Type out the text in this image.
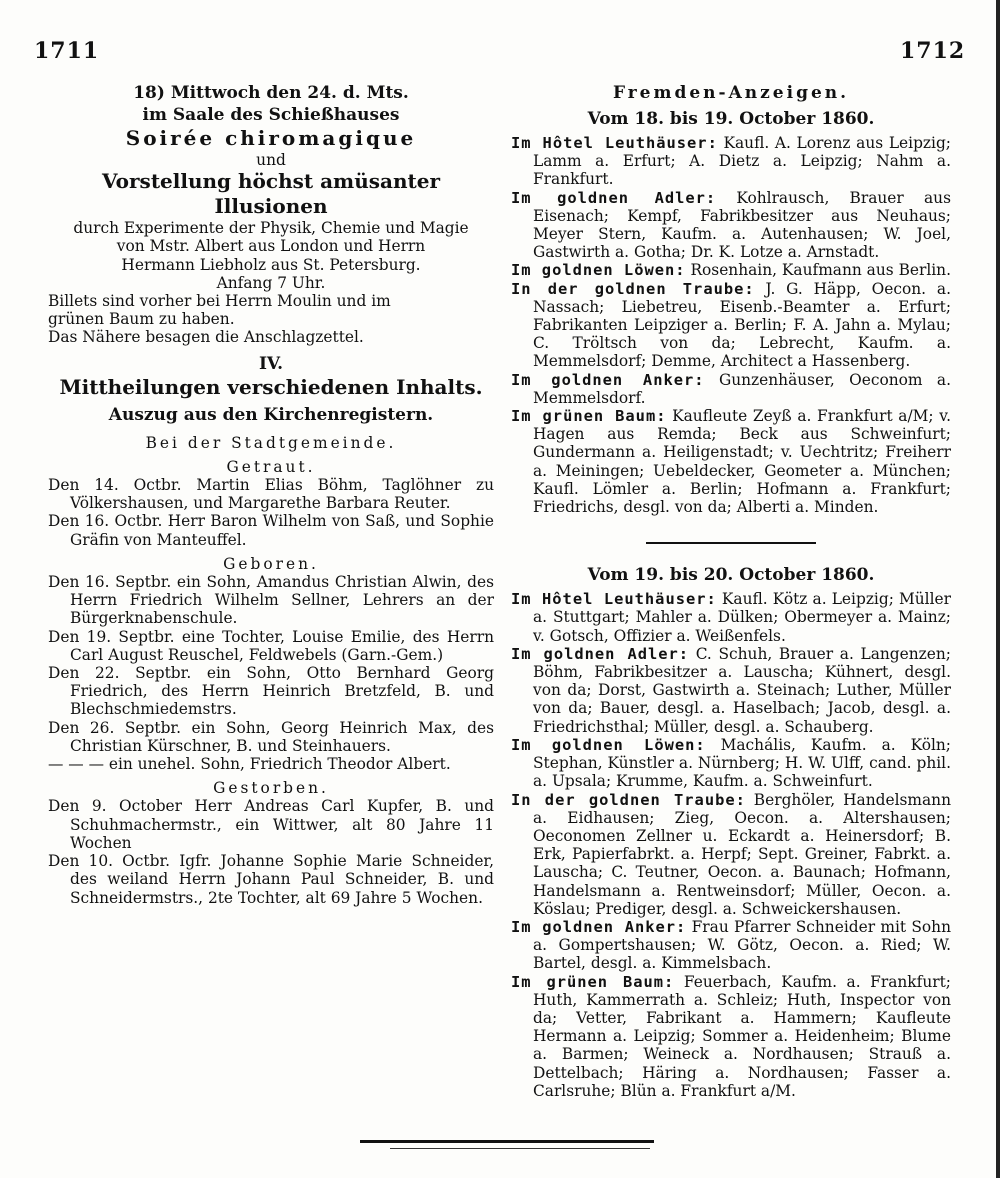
1711	1712
18) Mittwoch den 24. d. Mts.
im Saale des Schießhauses
Soirée chiromagique
und
Vorstellung höchst amüsanter Illusionen
durch Experimente der Physik, Chemie und Magie
von Mstr. Albert aus London und Herrn
Hermann Liebholz aus St. Petersburg.
Anfang 7 Uhr.
Billets sind vorher bei Herrn Moulin und im
grünen Baum zu haben.
Das Nähere besagen die Anschlagzettel.
IV.
Mittheilungen verschiedenen Inhalts.
Auszug aus den Kirchenregistern.
Bei der Stadtgemeinde.
Getraut.

Den 14. Octbr. Martin Elias Böhm, Taglöhner zu Völkershausen, und Margarethe Barbara Reuter.

Den 16. Octbr. Herr Baron Wilhelm von Saß, und Sophie Gräfin von Manteuffel.

Geboren.

Den 16. Septbr. ein Sohn, Amandus Christian Alwin, des Herrn Friedrich Wilhelm Sellner, Lehrers an der Bürgerknabenschule.

Den 19. Septbr. eine Tochter, Louise Emilie, des Herrn Carl August Reuschel, Feldwebels (Garn.-Gem.)

Den 22. Septbr. ein Sohn, Otto Bernhard Georg Friedrich, des Herrn Heinrich Bretzfeld, B. und Blechschmiedemstrs.

Den 26. Septbr. ein Sohn, Georg Heinrich Max, des Christian Kürschner, B. und Steinhauers.

— — — ein unehel. Sohn, Friedrich Theodor Albert.

Gestorben.

Den 9. October Herr Andreas Carl Kupfer, B. und Schuhmachermstr., ein Wittwer, alt 80 Jahre 11 Wochen

Den 10. Octbr. Igfr. Johanne Sophie Marie Schneider, des weiland Herrn Johann Paul Schneider, B. und Schneidermstrs., 2te Tochter, alt 69 Jahre 5 Wochen.

Fremden-Anzeigen.
Vom 18. bis 19. October 1860.

Im Hôtel Leuthäuser: Kaufl. A. Lorenz aus Leipzig; Lamm a. Erfurt; A. Dietz a. Leipzig; Nahm a. Frankfurt.

Im goldnen Adler: Kohlrausch, Brauer aus Eisenach; Kempf, Fabrikbesitzer aus Neuhaus; Meyer Stern, Kaufm. a. Autenhausen; W. Joel, Gastwirth a. Gotha; Dr. K. Lotze a. Arnstadt.

Im goldnen Löwen: Rosenhain, Kaufmann aus Berlin.

In der goldnen Traube: J. G. Häpp, Oecon. a. Nassach; Liebetreu, Eisenb.-Beamter a. Erfurt; Fabrikanten Leipziger a. Berlin; F. A. Jahn a. Mylau; C. Tröltsch von da; Lebrecht, Kaufm. a. Memmelsdorf; Demme, Architect a Hassenberg.

Im goldnen Anker: Gunzenhäuser, Oeconom a. Memmelsdorf.

Im grünen Baum: Kaufleute Zeyß a. Frankfurt a/M; v. Hagen aus Remda; Beck aus Schweinfurt; Gundermann a. Heiligenstadt; v. Uechtritz; Freiherr a. Meiningen; Uebeldecker, Geometer a. München; Kaufl. Lömler a. Berlin; Hofmann a. Frankfurt; Friedrichs, desgl. von da; Alberti a. Minden.

Vom 19. bis 20. October 1860.

Im Hôtel Leuthäuser: Kaufl. Kötz a. Leipzig; Müller a. Stuttgart; Mahler a. Dülken; Obermeyer a. Mainz; v. Gotsch, Offizier a. Weißenfels.

Im goldnen Adler: C. Schuh, Brauer a. Langenzen; Böhm, Fabrikbesitzer a. Lauscha; Kühnert, desgl. von da; Dorst, Gastwirth a. Steinach; Luther, Müller von da; Bauer, desgl. a. Haselbach; Jacob, desgl. a. Friedrichsthal; Müller, desgl. a. Schauberg.

Im goldnen Löwen: Machális, Kaufm. a. Köln; Stephan, Künstler a. Nürnberg; H. W. Ulff, cand. phil. a. Upsala; Krumme, Kaufm. a. Schweinfurt.

In der goldnen Traube: Berghöler, Handelsmann a. Eidhausen; Zieg, Oecon. a. Altershausen; Oeconomen Zellner u. Eckardt a. Heinersdorf; B. Erk, Papierfabrkt. a. Herpf; Sept. Greiner, Fabrkt. a. Lauscha; C. Teutner, Oecon. a. Baunach; Hofmann, Handelsmann a. Rentweinsdorf; Müller, Oecon. a. Köslau; Prediger, desgl. a. Schweickershausen.

Im goldnen Anker: Frau Pfarrer Schneider mit Sohn a. Gompertshausen; W. Götz, Oecon. a. Ried; W. Bartel, desgl. a. Kimmelsbach.

Im grünen Baum: Feuerbach, Kaufm. a. Frankfurt; Huth, Kammerrath a. Schleiz; Huth, Inspector von da; Vetter, Fabrikant a. Hammern; Kaufleute Hermann a. Leipzig; Sommer a. Heidenheim; Blume a. Barmen; Weineck a. Nordhausen; Strauß a. Dettelbach; Häring a. Nordhausen; Fasser a. Carlsruhe; Blün a. Frankfurt a/M.
